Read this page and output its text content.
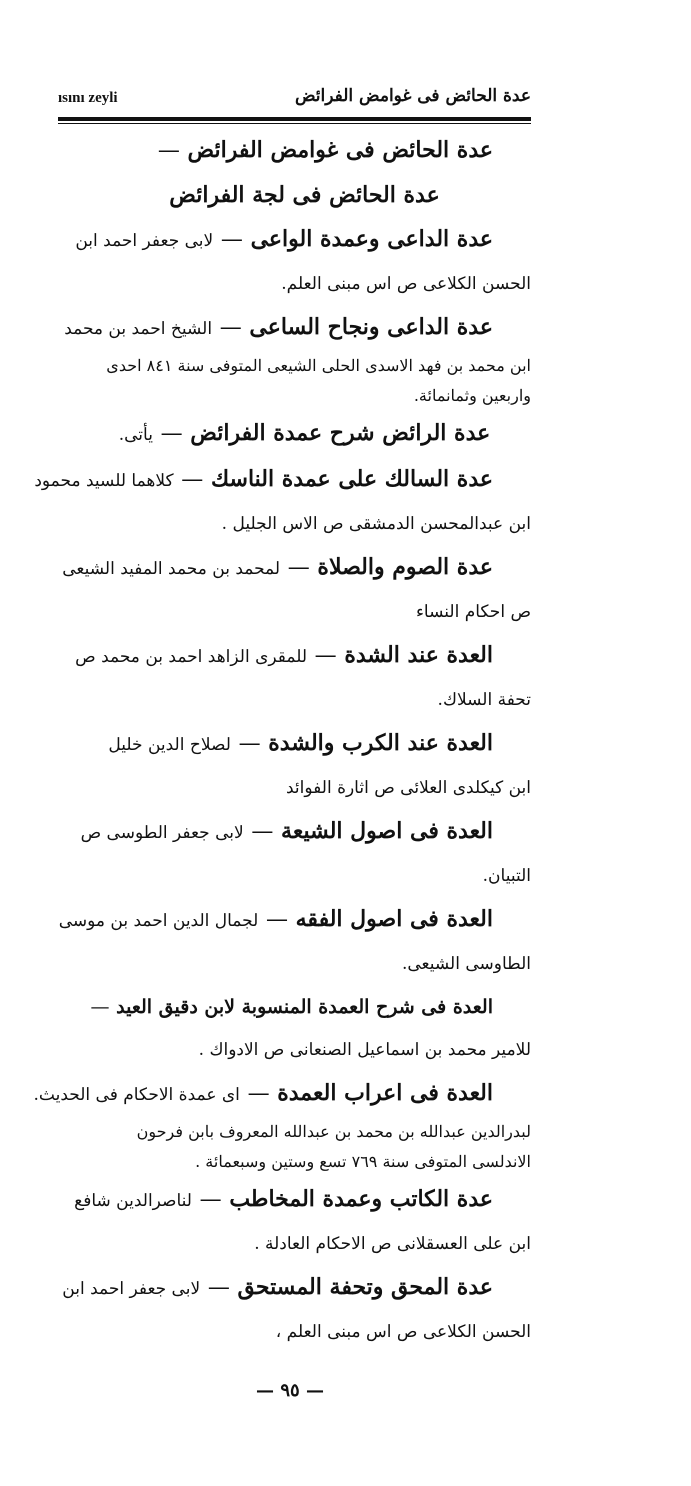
ısını zeyli	عدة الحائض فى غوامض الفرائض
عدة الحائض فى غوامض الفرائض —
عدة الحائض فى لجة الفرائض
عدة الداعى وعمدة الواعى — لابى جعفر احمد ابن
الحسن الكلاعى ص اس مبنى العلم.
عدة الداعى ونجاح الساعى — الشيخ احمد بن محمد
ابن محمد بن فهد الاسدى الحلى الشيعى المتوفى سنة ٨٤١ احدى واربعين وثمانمائة.
عدة الرائض شرح عمدة الفرائض — يأتى.
عدة السالك على عمدة الناسك — كلاهما للسيد محمود
ابن عبدالمحسن الدمشقى ص الاس الجليل .
عدة الصوم والصلاة — لمحمد بن محمد المفيد الشيعى
ص احكام النساء
العدة عند الشدة — للمقرى الزاهد احمد بن محمد ص
تحفة السلاك.
العدة عند الكرب والشدة — لصلاح الدين خليل
ابن كيكلدى العلائى ص اثارة الفوائد
العدة فى اصول الشيعة — لابى جعفر الطوسى ص
التبيان.
العدة فى اصول الفقه — لجمال الدين احمد بن موسى
الطاوسى الشيعى.
العدة فى شرح العمدة المنسوبة لابن دقيق العيد —
للامير محمد بن اسماعيل الصنعانى ص الادواك .
العدة فى اعراب العمدة — اى عمدة الاحكام فى الحديث.
لبدرالدين عبدالله بن محمد بن عبدالله المعروف بابن فرحون الاندلسى المتوفى سنة ٧٦٩ تسع وستين وسبعمائة .
عدة الكاتب وعمدة المخاطب — لناصرالدين شافع
ابن على العسقلانى ص الاحكام العادلة .
عدة المحق وتحفة المستحق — لابى جعفر احمد ابن
الحسن الكلاعى ص اس مبنى العلم ،
— ٩٥ —
